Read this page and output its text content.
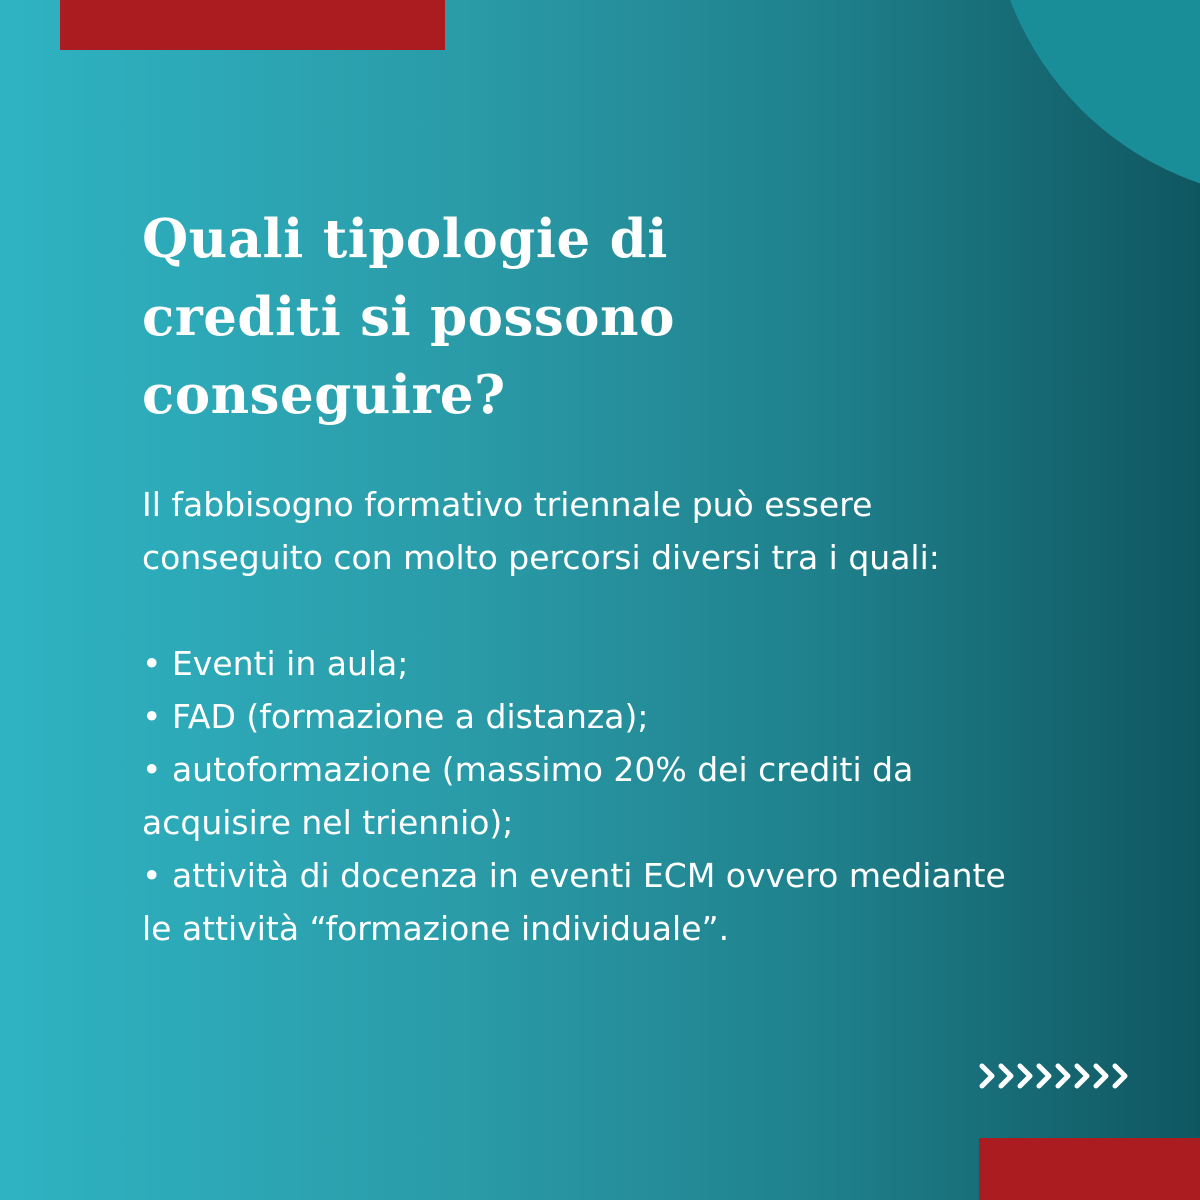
Quali tipologie di
crediti si possono
conseguire?
Il fabbisogno formativo triennale può essere
conseguito con molto percorsi diversi tra i quali:
• Eventi in aula;
• FAD (formazione a distanza);
• autoformazione (massimo 20% dei crediti da
acquisire nel triennio);
• attività di docenza in eventi ECM ovvero mediante
le attività “formazione individuale”.
